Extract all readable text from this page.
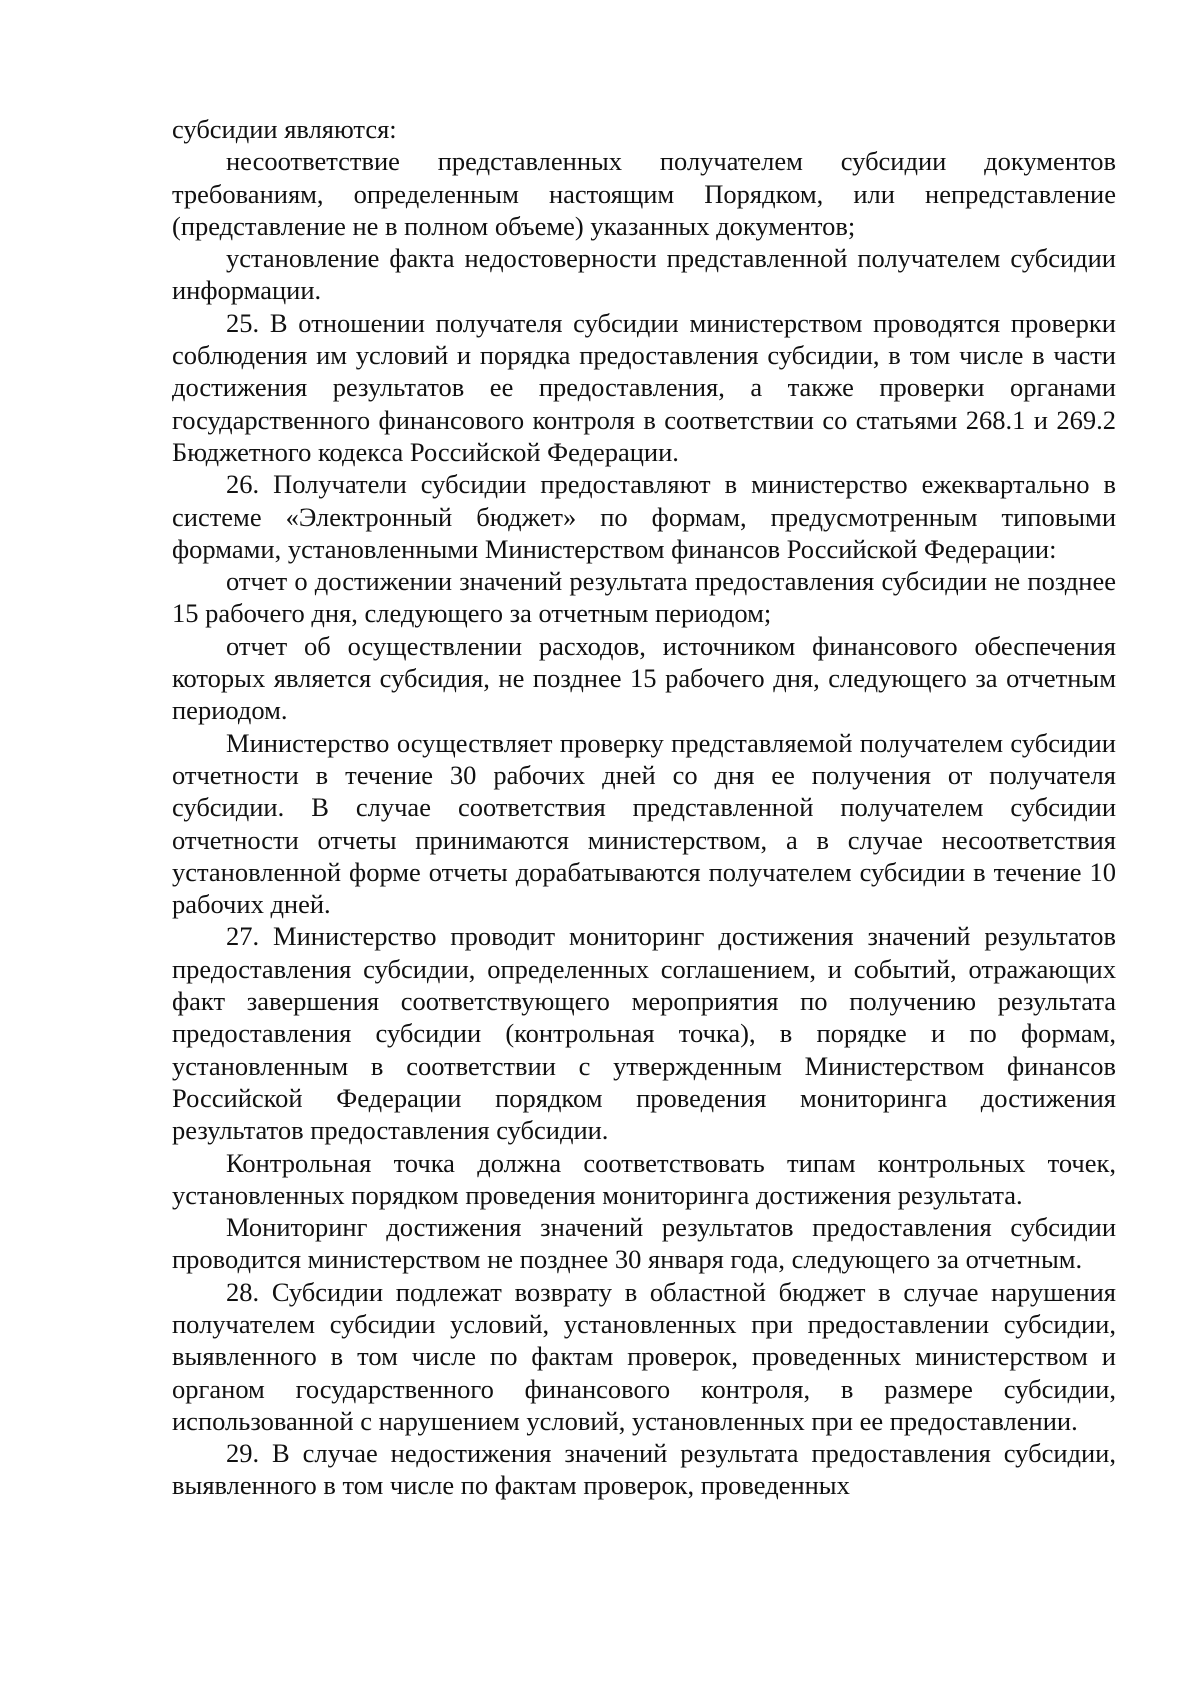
субсидии являются:

несоответствие представленных получателем субсидии документов требованиям, определенным настоящим Порядком, или непредставление (представление не в полном объеме) указанных документов;

установление факта недостоверности представленной получателем субсидии информации.

25. В отношении получателя субсидии министерством проводятся проверки соблюдения им условий и порядка предоставления субсидии, в том числе в части достижения результатов ее предоставления, а также проверки органами государственного финансового контроля в соответствии со статьями 268.1 и 269.2 Бюджетного кодекса Российской Федерации.

26. Получатели субсидии предоставляют в министерство ежеквартально в системе «Электронный бюджет» по формам, предусмотренным типовыми формами, установленными Министерством финансов Российской Федерации:

отчет о достижении значений результата предоставления субсидии не позднее 15 рабочего дня, следующего за отчетным периодом;

отчет об осуществлении расходов, источником финансового обеспечения которых является субсидия, не позднее 15 рабочего дня, следующего за отчетным периодом.

Министерство осуществляет проверку представляемой получателем субсидии отчетности в течение 30 рабочих дней со дня ее получения от получателя субсидии. В случае соответствия представленной получателем субсидии отчетности отчеты принимаются министерством, а в случае несоответствия установленной форме отчеты дорабатываются получателем субсидии в течение 10 рабочих дней.

27. Министерство проводит мониторинг достижения значений результатов предоставления субсидии, определенных соглашением, и событий, отражающих факт завершения соответствующего мероприятия по получению результата предоставления субсидии (контрольная точка), в порядке и по формам, установленным в соответствии с утвержденным Министерством финансов Российской Федерации порядком проведения мониторинга достижения результатов предоставления субсидии.

Контрольная точка должна соответствовать типам контрольных точек, установленных порядком проведения мониторинга достижения результата.

Мониторинг достижения значений результатов предоставления субсидии проводится министерством не позднее 30 января года, следующего за отчетным.

28. Субсидии подлежат возврату в областной бюджет в случае нарушения получателем субсидии условий, установленных при предоставлении субсидии, выявленного в том числе по фактам проверок, проведенных министерством и органом государственного финансового контроля, в размере субсидии, использованной с нарушением условий, установленных при ее предоставлении.

29. В случае недостижения значений результата предоставления субсидии, выявленного в том числе по фактам проверок, проведенных
